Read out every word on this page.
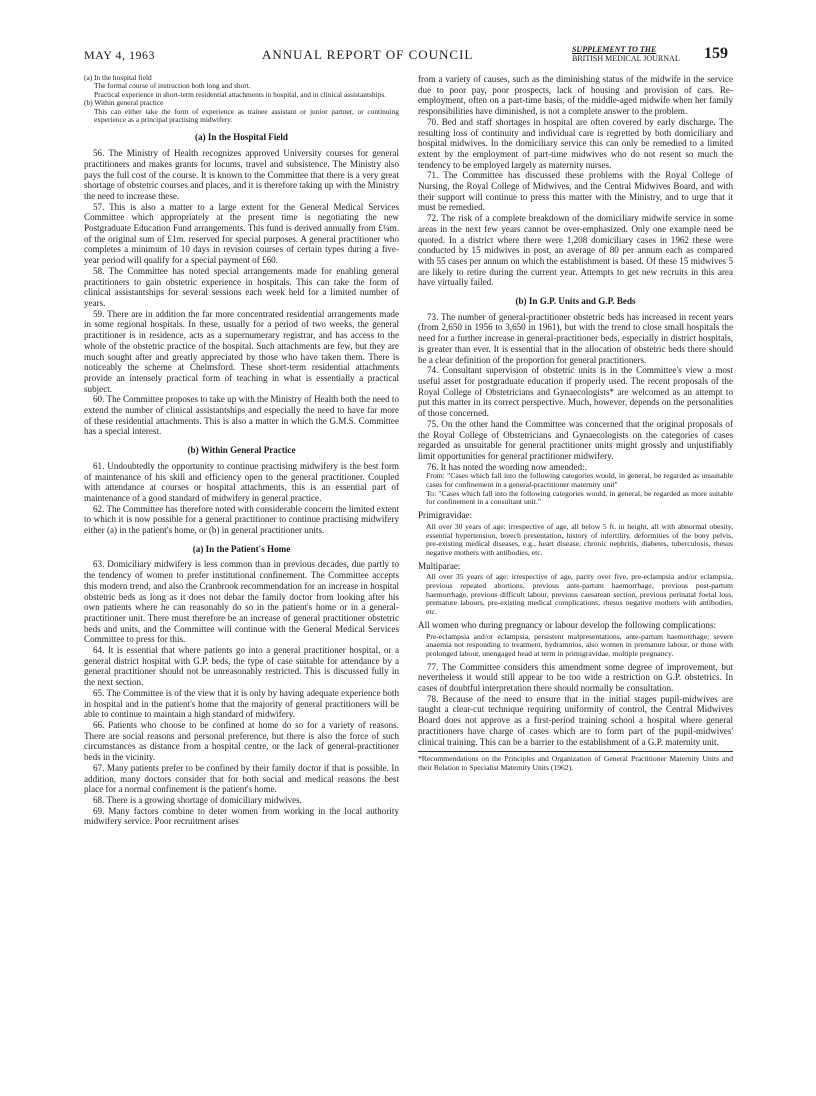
MAY 4, 1963	ANNUAL REPORT OF COUNCIL	SUPPLEMENT TO THE
BRITISH MEDICAL JOURNAL 159

(a) In the hospital field

The formal course of instruction both long and short.

Practical experience in short-term residential attachments in hospital, and in clinical assistantships.

(b) Within general practice

This can either take the form of experience as trainee assistant or junior partner, or continuing experience as a principal practising midwifery.

(a) In the Hospital Field

56. The Ministry of Health recognizes approved University courses for general practitioners and makes grants for locums, travel and subsistence. The Ministry also pays the full cost of the course. It is known to the Committee that there is a very great shortage of obstetric courses and places, and it is therefore taking up with the Ministry the need to increase these.

57. This is also a matter to a large extent for the General Medical Services Committee which appropriately at the present time is negotiating the new Postgraduate Education Fund arrangements. This fund is derived annually from £¼m. of the original sum of £1m. reserved for special purposes. A general practitioner who completes a minimum of 10 days in revision courses of certain types during a five-year period will qualify for a special payment of £60.

58. The Committee has noted special arrangements made for enabling general practitioners to gain obstetric experience in hospitals. This can take the form of clinical assistantships for several sessions each week held for a limited number of years.

59. There are in addition the far more concentrated residential arrangements made in some regional hospitals. In these, usually for a period of two weeks, the general practitioner is in residence, acts as a supernumerary registrar, and has access to the whole of the obstetric practice of the hospital. Such attachments are few, but they are much sought after and greatly appreciated by those who have taken them. There is noticeably the scheme at Chelmsford. These short-term residential attachments provide an intensely practical form of teaching in what is essentially a practical subject.

60. The Committee proposes to take up with the Ministry of Health both the need to extend the number of clinical assistantships and especially the need to have far more of these residential attachments. This is also a matter in which the G.M.S. Committee has a special interest.

(b) Within General Practice

61. Undoubtedly the opportunity to continue practising midwifery is the best form of maintenance of his skill and efficiency open to the general practitioner. Coupled with attendance at courses or hospital attachments, this is an essential part of maintenance of a good standard of midwifery in general practice.

62. The Committee has therefore noted with considerable concern the limited extent to which it is now possible for a general practitioner to continue practising midwifery either (a) in the patient's home, or (b) in general practitioner units.

(a) In the Patient's Home

63. Domiciliary midwifery is less common than in previous decades, due partly to the tendency of women to prefer institutional confinement. The Committee accepts this modern trend, and also the Cranbrook recommendation for an increase in hospital obstetric beds as long as it does not debar the family doctor from looking after his own patients where he can reasonably do so in the patient's home or in a general-practitioner unit. There must therefore be an increase of general practitioner obstetric beds and units, and the Committee will continue with the General Medical Services Committee to press for this.

64. It is essential that where patients go into a general practitioner hospital, or a general district hospital with G.P. beds, the type of case suitable for attendance by a general practitioner should not be unreasonably restricted. This is discussed fully in the next section.

65. The Committee is of the view that it is only by having adequate experience both in hospital and in the patient's home that the majority of general practitioners will be able to continue to maintain a high standard of midwifery.

66. Patients who choose to be confined at home do so for a variety of reasons. There are social reasons and personal preference, but there is also the force of such circumstances as distance from a hospital centre, or the lack of general-practitioner beds in the vicinity.

67. Many patients prefer to be confined by their family doctor if that is possible. In addition, many doctors consider that for both social and medical reasons the best place for a normal confinement is the patient's home.

68. There is a growing shortage of domiciliary midwives.

69. Many factors combine to deter women from working in the local authority midwifery service. Poor recruitment arises

from a variety of causes, such as the diminishing status of the midwife in the service due to poor pay, poor prospects, lack of housing and provision of cars. Re-employment, often on a part-time basis, of the middle-aged midwife when her family responsibilities have diminished, is not a complete answer to the problem.

70. Bed and staff shortages in hospital are often covered by early discharge. The resulting loss of continuity and individual care is regretted by both domiciliary and hospital midwives. In the domiciliary service this can only be remedied to a limited extent by the employment of part-time midwives who do not resent so much the tendency to be employed largely as maternity nurses.

71. The Committee has discussed these problems with the Royal College of Nursing, the Royal College of Midwives, and the Central Midwives Board, and with their support will continue to press this matter with the Ministry, and to urge that it must be remedied.

72. The risk of a complete breakdown of the domiciliary midwife service in some areas in the next few years cannot be over-emphasized. Only one example need be quoted. In a district where there were 1,208 domiciliary cases in 1962 these were conducted by 15 midwives in post, an average of 80 per annum each as compared with 55 cases per annum on which the establishment is based. Of these 15 midwives 5 are likely to retire during the current year. Attempts to get new recruits in this area have virtually failed.

(b) In G.P. Units and G.P. Beds

73. The number of general-practitioner obstetric beds has increased in recent years (from 2,650 in 1956 to 3,650 in 1961), but with the trend to close small hospitals the need for a further increase in general-practitioner beds, especially in district hospitals, is greater than ever. It is essential that in the allocation of obstetric beds there should be a clear definition of the proportion for general practitioners.

74. Consultant supervision of obstetric units is in the Committee's view a most useful asset for postgraduate education if properly used. The recent proposals of the Royal College of Obstetricians and Gynaecologists* are welcomed as an attempt to put this matter in its correct perspective. Much, however, depends on the personalities of those concerned.

75. On the other hand the Committee was concerned that the original proposals of the Royal College of Obstetricians and Gynaecologists on the categories of cases regarded as unsuitable for general practitioner units might grossly and unjustifiably limit opportunities for general practitioner midwifery.

76. It has noted the wording now amended:.

From: "Cases which fall into the following categories would, in general, be regarded as unsuitable cases for confinement in a general-practitioner maternity unit"

To: "Cases which fall into the following categories would, in general, be regarded as more suitable for confinement in a consultant unit."

Primigravidae:

All over 30 years of age: irrespective of age, all below 5 ft. in height, all with abnormal obesity, essential hypertension, breech presentation, history of infertility, deformities of the bony pelvis, pre-existing medical diseases, e.g., heart disease, chronic nephritis, diabetes, tuberculosis, rhesus negative mothers with antibodies, etc.

Multiparae:

All over 35 years of age: irrespective of age, parity over five, pre-eclampsia and/or eclampsia, previous repeated abortions, previous ante-partum haemorrhage, previous post-partum haemorrhage, previous difficult labour, previous caesarean section, previous perinatal foetal loss, premature labours, pre-existing medical complications, rhesus negative mothers with antibodies, etc.

All women who during pregnancy or labour develop the following complications:

Pre-eclampsia and/or eclampsia, persistent malpresentations, ante-partum haemorrhage; severe anaemia not responding to treatment, hydramnios, also women in premature labour, or those with prolonged labour, unengaged head at term in primigravidae, multiple pregnancy.

77. The Committee considers this amendment some degree of improvement, but nevertheless it would still appear to be too wide a restriction on G.P. obstetrics. In cases of doubtful interpretation there should normally be consultation.

78. Because of the need to ensure that in the initial stages pupil-midwives are taught a clear-cut technique requiring uniformity of control, the Central Midwives Board does not approve as a first-period training school a hospital where general practitioners have charge of cases which are to form part of the pupil-midwives' clinical training. This can be a barrier to the establishment of a G.P. maternity unit.

*Recommendations on the Principles and Organization of General Practitioner Maternity Units and their Relation to Specialist Maternity Units (1962).
